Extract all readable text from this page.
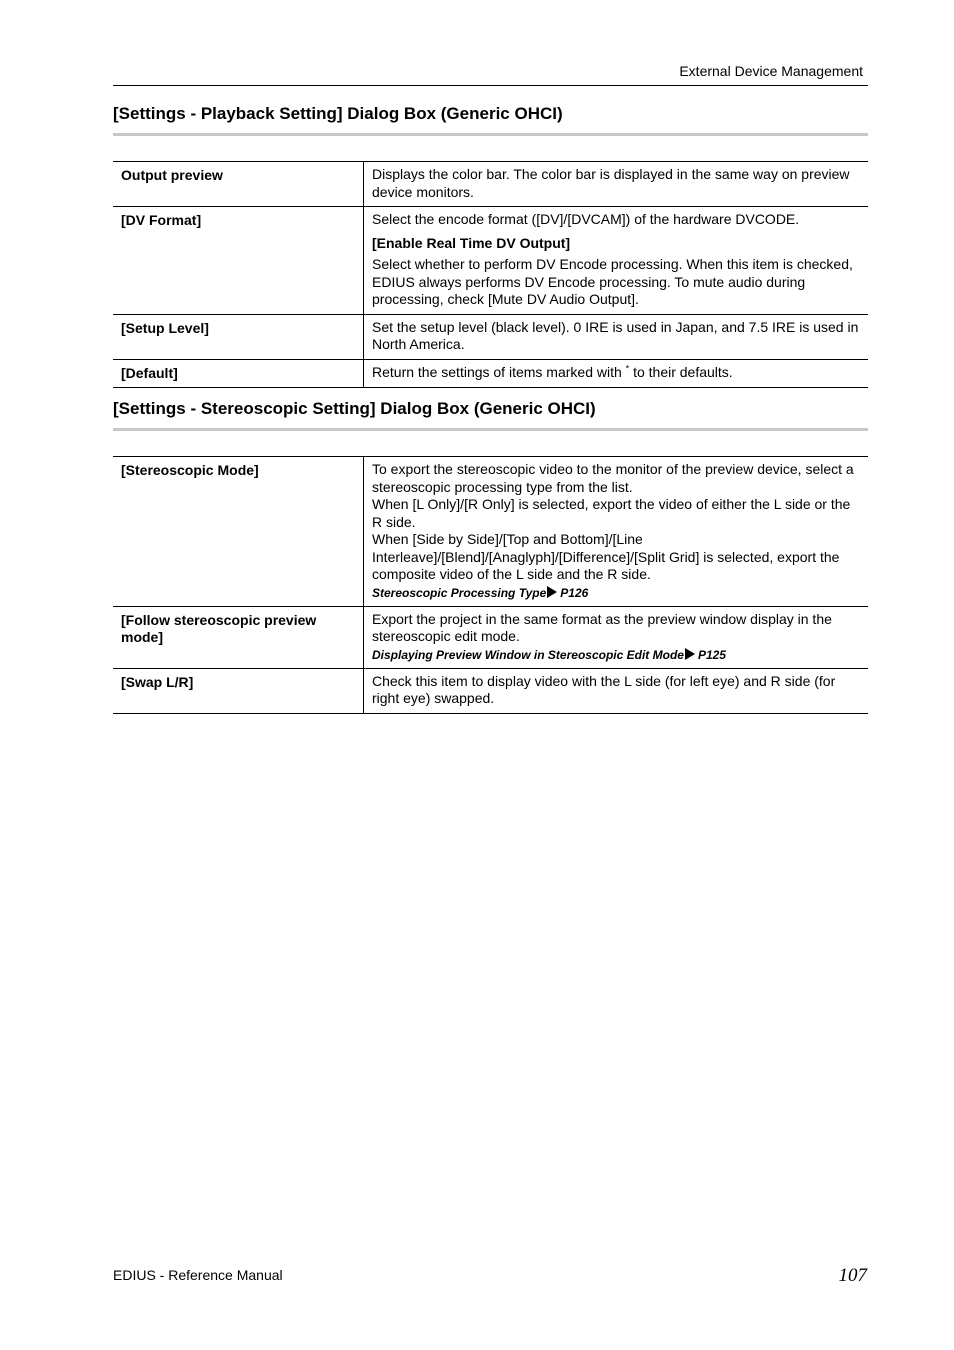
External Device Management
[Settings - Playback Setting] Dialog Box (Generic OHCI)
Output preview	Displays the color bar. The color bar is displayed in the same way on preview device monitors.

[DV Format]	Select the encode format ([DV]/[DVCAM]) of the hardware DVCODE.
[Enable Real Time DV Output]
Select whether to perform DV Encode processing. When this item is checked, EDIUS always performs DV Encode processing. To mute audio during processing, check [Mute DV Audio Output].

[Setup Level]	Set the setup level (black level). 0 IRE is used in Japan, and 7.5 IRE is used in North America.

[Default]	Return the settings of items marked with * to their defaults.
[Settings - Stereoscopic Setting] Dialog Box (Generic OHCI)
[Stereoscopic Mode]	To export the stereoscopic video to the monitor of the preview device, select a stereoscopic processing type from the list.
When [L Only]/[R Only] is selected, export the video of either the L side or the R side.
When [Side by Side]/[Top and Bottom]/[Line Interleave]/[Blend]/[Anaglyph]/[Difference]/[Split Grid] is selected, export the composite video of the L side and the R side.
Stereoscopic Processing Type P126

[Follow stereoscopic preview mode]	Export the project in the same format as the preview window display in the stereoscopic edit mode.
Displaying Preview Window in Stereoscopic Edit Mode P125

[Swap L/R]	Check this item to display video with the L side (for left eye) and R side (for right eye) swapped.
EDIUS - Reference Manual	107
